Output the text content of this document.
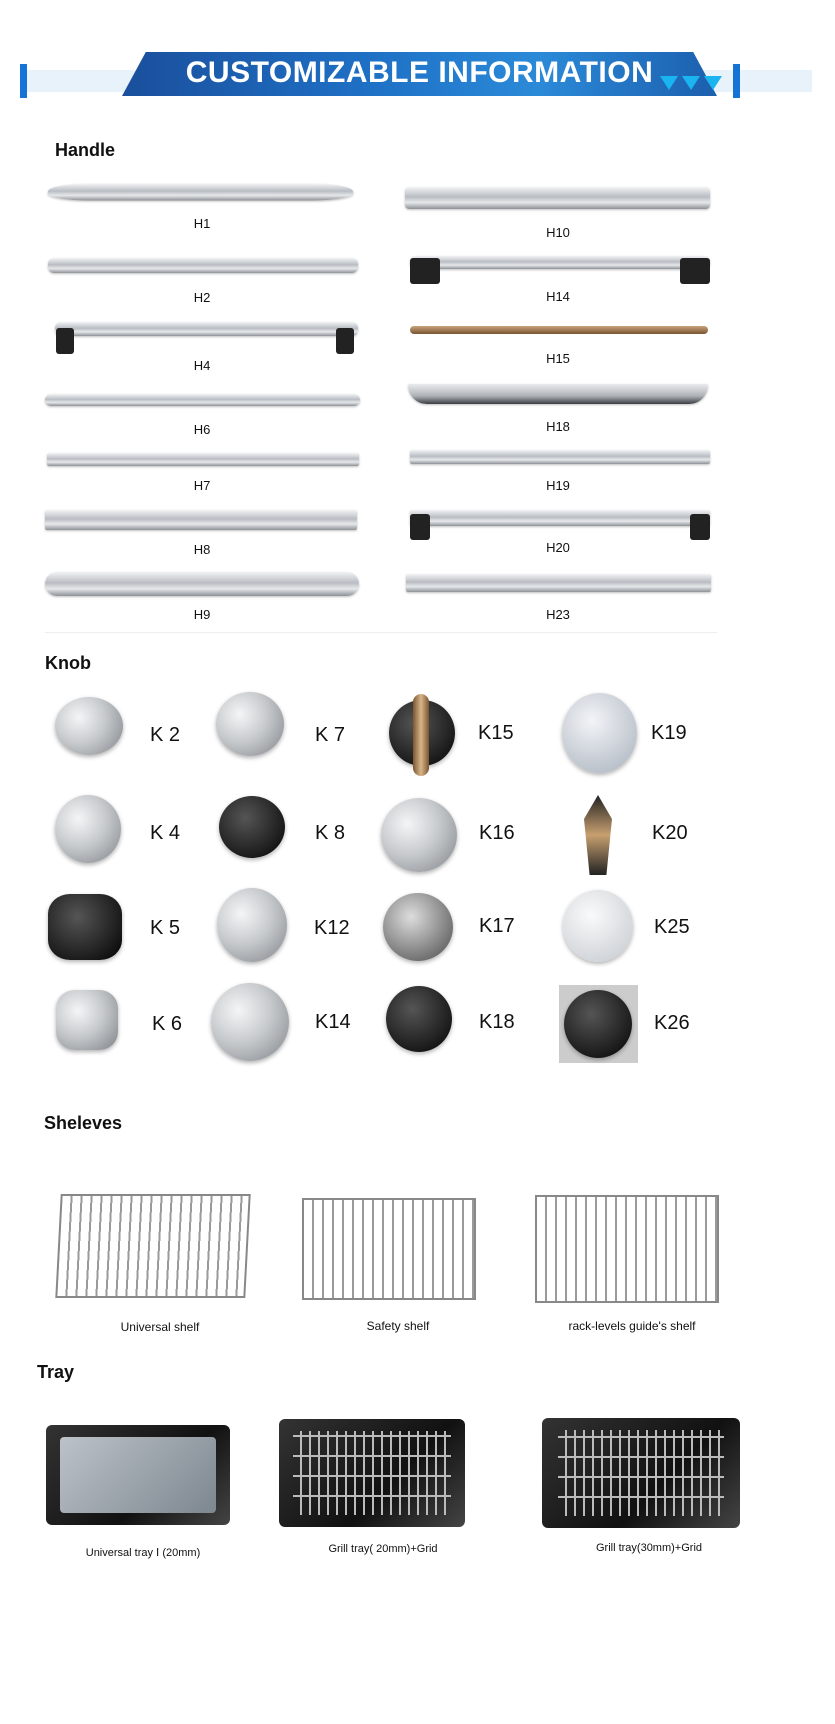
CUSTOMIZABLE INFORMATION
Handle
H1
H2
H4
H6
H7
H8
H9
H10
H14
H15
H18
H19
H20
H23
Knob
K 2	K 7	K15	K19
K 4	K 8	K16	K20
K 5	K12	K17	K25
K 6	K14	K18	K26
Sheleves
Universal shelf	Safety shelf	rack-levels guide's shelf
Tray
Universal tray Ⅰ (20mm)	Grill tray( 20mm)+Grid	Grill tray(30mm)+Grid
